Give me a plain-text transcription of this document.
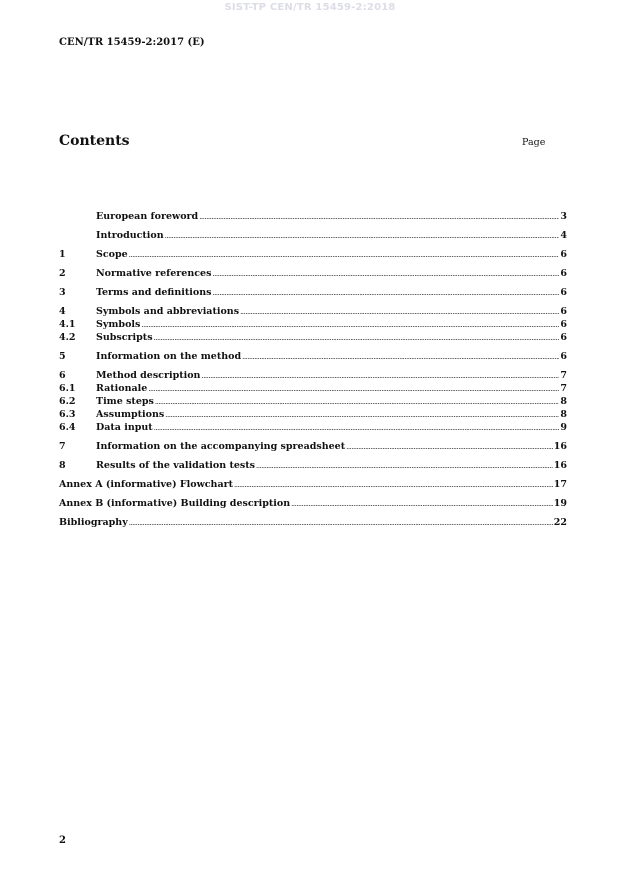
SIST-TP CEN/TR 15459-2:2018
CEN/TR 15459-2:2017 (E)
Contents	Page
European foreword .....	3
Introduction .....	4
1	Scope .....	6
2	Normative references .....	6
3	Terms and definitions .....	6
4	Symbols and abbreviations .....	6
4.1	Symbols .....	6
4.2	Subscripts .....	6
5	Information on the method .....	6
6	Method description .....	7
6.1	Rationale .....	7
6.2	Time steps .....	8
6.3	Assumptions .....	8
6.4	Data input .....	9
7	Information on the accompanying spreadsheet .....	16
8	Results of the validation tests .....	16
Annex A (informative) Flowchart .....	17
Annex B (informative) Building description .....	19
Bibliography .....	22
2
